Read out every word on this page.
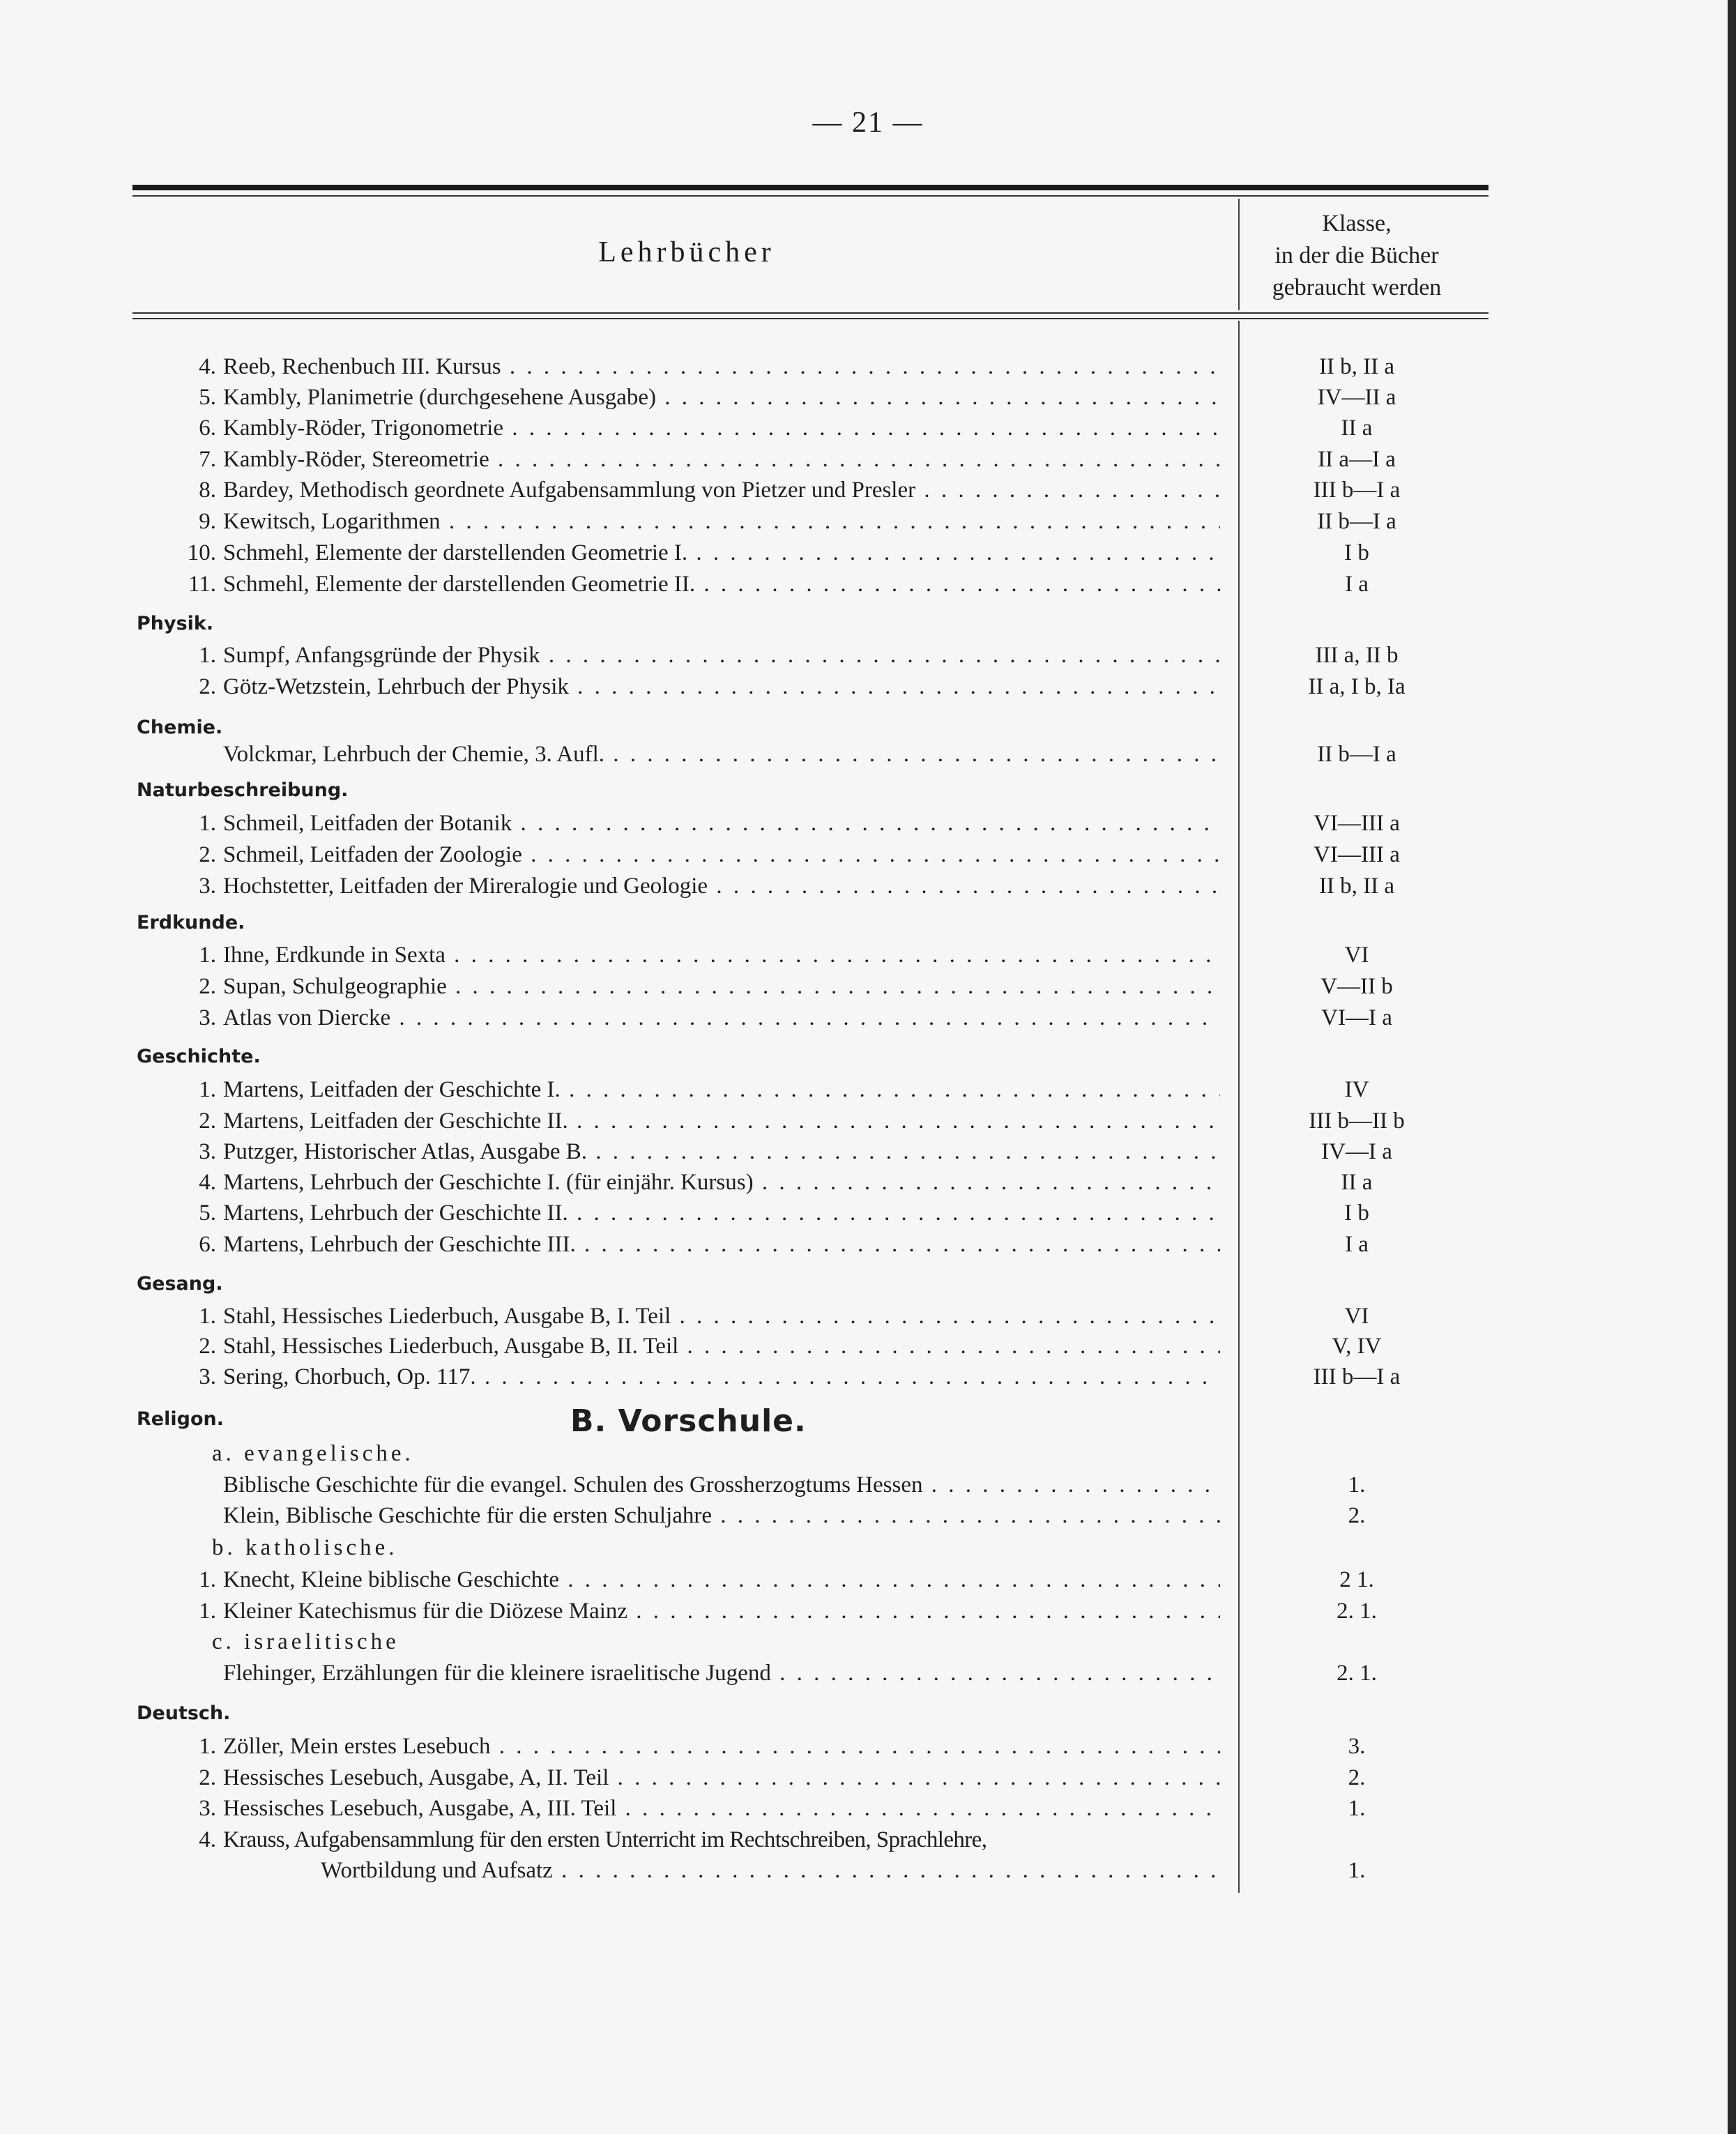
— 21 —
Lehrbücher
Klasse,
in der die Bücher
gebraucht werden
4. Reeb, Rechenbuch III. Kursus . . .	II b, II a
5. Kambly, Planimetrie (durchgesehene Ausgabe) . . .	IV—II a
6. Kambly-Röder, Trigonometrie . . .	II a
7. Kambly-Röder, Stereometrie . . .	II a—I a
8. Bardey, Methodisch geordnete Aufgabensammlung von Pietzer und Presler . . .	III b—I a
9. Kewitsch, Logarithmen . . .	II b—I a
10. Schmehl, Elemente der darstellenden Geometrie I. . . .	I b
11. Schmehl, Elemente der darstellenden Geometrie II. . . .	I a
Physik.
1. Sumpf, Anfangsgründe der Physik . . .	III a, II b
2. Götz-Wetzstein, Lehrbuch der Physik . . .	II a, I b, Ia
Chemie.
Volckmar, Lehrbuch der Chemie, 3. Aufl. . . .	II b—I a
Naturbeschreibung.
1. Schmeil, Leitfaden der Botanik . . .	VI—III a
2. Schmeil, Leitfaden der Zoologie . . .	VI—III a
3. Hochstetter, Leitfaden der Mireralogie und Geologie . . .	II b, II a
Erdkunde.
1. Ihne, Erdkunde in Sexta . . .	VI
2. Supan, Schulgeographie . . .	V—II b
3. Atlas von Diercke . . .	VI—I a
Geschichte.
1. Martens, Leitfaden der Geschichte I. . . .	IV
2. Martens, Leitfaden der Geschichte II. . . .	III b—II b
3. Putzger, Historischer Atlas, Ausgabe B. . . .	IV—I a
4. Martens, Lehrbuch der Geschichte I. (für einjähr. Kursus) . . .	II a
5. Martens, Lehrbuch der Geschichte II. . . .	I b
6. Martens, Lehrbuch der Geschichte III. . . .	I a
Gesang.
1. Stahl, Hessisches Liederbuch, Ausgabe B, I. Teil . . .	VI
2. Stahl, Hessisches Liederbuch, Ausgabe B, II. Teil . . .	V, IV
3. Sering, Chorbuch, Op. 117. . . .	III b—I a
Religon.	B. Vorschule.
a. evangelische.
Biblische Geschichte für die evangel. Schulen des Grossherzogtums Hessen . . .	1.
Klein, Biblische Geschichte für die ersten Schuljahre . . .	2.
b. katholische.
1. Knecht, Kleine biblische Geschichte . . .	2 1.
1. Kleiner Katechismus für die Diözese Mainz . . .	2. 1.
c. israelitische
Flehinger, Erzählungen für die kleinere israelitische Jugend . . .	2. 1.
Deutsch.
1. Zöller, Mein erstes Lesebuch . . .	3.
2. Hessisches Lesebuch, Ausgabe, A, II. Teil . . .	2.
3. Hessisches Lesebuch, Ausgabe, A, III. Teil . . .	1.
4. Krauss, Aufgabensammlung für den ersten Unterricht im Rechtschreiben, Sprachlehre,
Wortbildung und Aufsatz . . .	1.
